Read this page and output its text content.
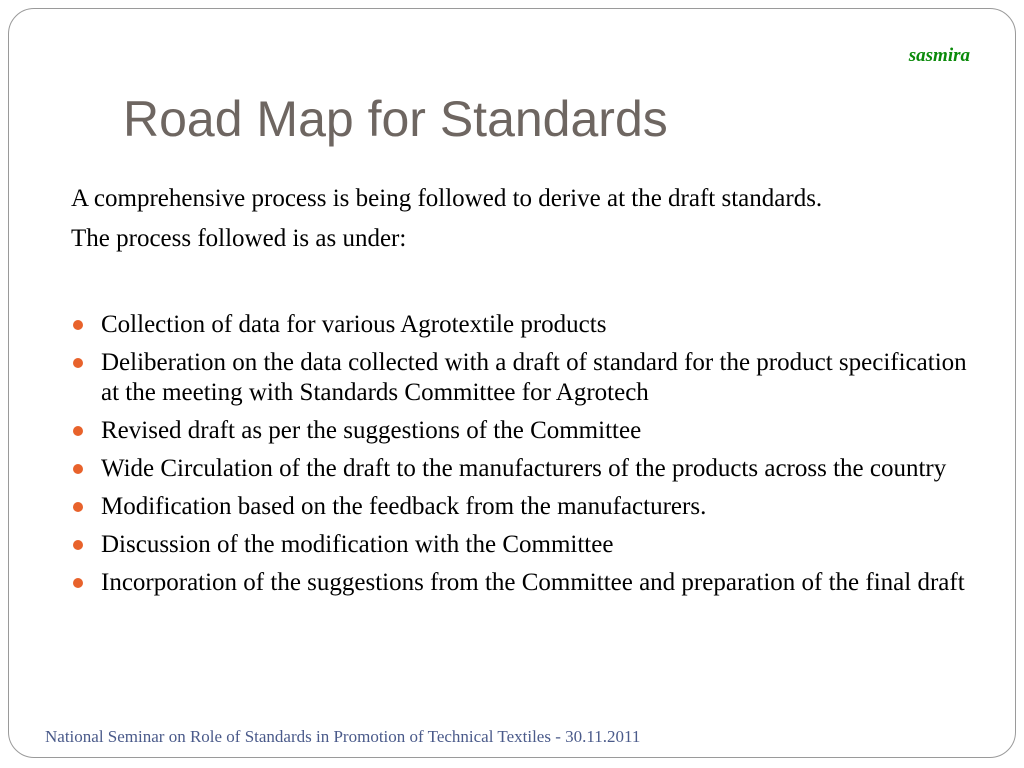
sasmira
Road Map for Standards

A comprehensive process is being followed to derive at the draft standards.

The process followed is as under:

Collection of data for various Agrotextile products
Deliberation on the data collected with a draft of standard for the product specification at the meeting with Standards Committee for Agrotech
Revised draft as per the suggestions of the Committee
Wide Circulation of the draft to the manufacturers of the products across the country
Modification based on the feedback from the manufacturers.
Discussion of the modification with the Committee
Incorporation of the suggestions from the Committee and preparation of the final draft
National Seminar on Role of Standards in Promotion of Technical Textiles - 30.11.2011
